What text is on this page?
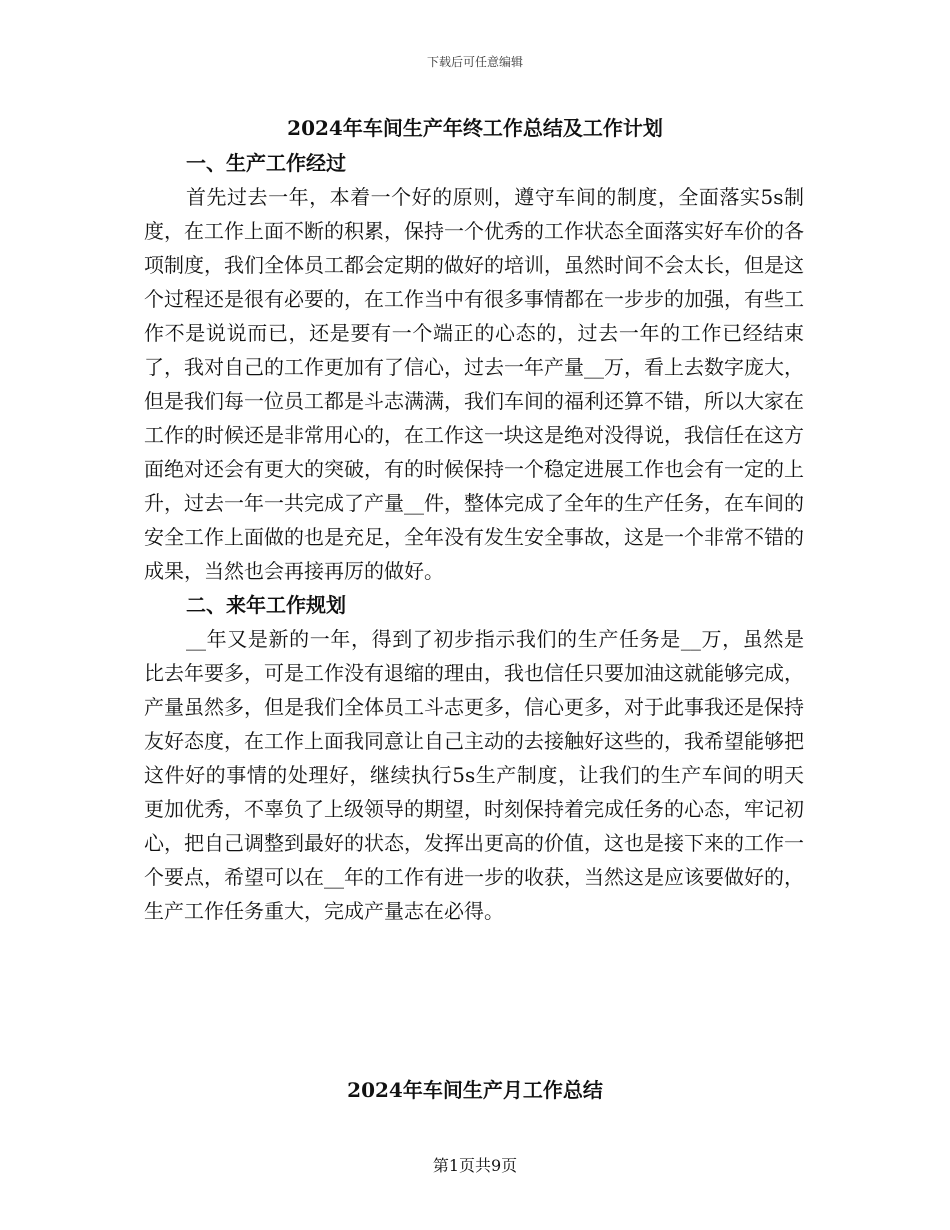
下载后可任意编辑
2024年车间生产年终工作总结及工作计划

一、生产工作经过

首先过去一年，本着一个好的原则，遵守车间的制度，全面落实5s制度，在工作上面不断的积累，保持一个优秀的工作状态全面落实好车价的各项制度，我们全体员工都会定期的做好的培训，虽然时间不会太长，但是这个过程还是很有必要的，在工作当中有很多事情都在一步步的加强，有些工作不是说说而已，还是要有一个端正的心态的，过去一年的工作已经结束了，我对自己的工作更加有了信心，过去一年产量__万，看上去数字庞大，但是我们每一位员工都是斗志满满，我们车间的福利还算不错，所以大家在工作的时候还是非常用心的，在工作这一块这是绝对没得说，我信任在这方面绝对还会有更大的突破，有的时候保持一个稳定进展工作也会有一定的上升，过去一年一共完成了产量__件，整体完成了全年的生产任务，在车间的安全工作上面做的也是充足，全年没有发生安全事故，这是一个非常不错的成果，当然也会再接再厉的做好。

二、来年工作规划

__年又是新的一年，得到了初步指示我们的生产任务是__万，虽然是比去年要多，可是工作没有退缩的理由，我也信任只要加油这就能够完成，产量虽然多，但是我们全体员工斗志更多，信心更多，对于此事我还是保持友好态度，在工作上面我同意让自己主动的去接触好这些的，我希望能够把这件好的事情的处理好，继续执行5s生产制度，让我们的生产车间的明天更加优秀，不辜负了上级领导的期望，时刻保持着完成任务的心态，牢记初心，把自己调整到最好的状态，发挥出更高的价值，这也是接下来的工作一个要点，希望可以在__年的工作有进一步的收获，当然这是应该要做好的，生产工作任务重大，完成产量志在必得。

2024年车间生产月工作总结
第1页共9页
